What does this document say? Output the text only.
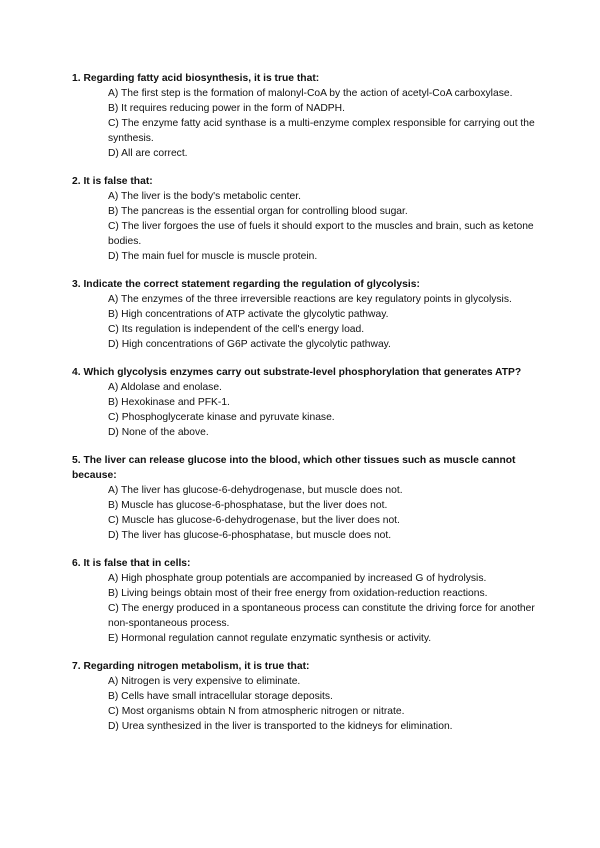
1. Regarding fatty acid biosynthesis, it is true that:
A) The first step is the formation of malonyl-CoA by the action of acetyl-CoA carboxylase.
B) It requires reducing power in the form of NADPH.
C) The enzyme fatty acid synthase is a multi-enzyme complex responsible for carrying out the synthesis.
D) All are correct.
2. It is false that:
A) The liver is the body's metabolic center.
B) The pancreas is the essential organ for controlling blood sugar.
C) The liver forgoes the use of fuels it should export to the muscles and brain, such as ketone bodies.
D) The main fuel for muscle is muscle protein.
3. Indicate the correct statement regarding the regulation of glycolysis:
A) The enzymes of the three irreversible reactions are key regulatory points in glycolysis.
B) High concentrations of ATP activate the glycolytic pathway.
C) Its regulation is independent of the cell's energy load.
D) High concentrations of G6P activate the glycolytic pathway.
4. Which glycolysis enzymes carry out substrate-level phosphorylation that generates ATP?
A) Aldolase and enolase.
B) Hexokinase and PFK-1.
C) Phosphoglycerate kinase and pyruvate kinase.
D) None of the above.
5. The liver can release glucose into the blood, which other tissues such as muscle cannot because:
A) The liver has glucose-6-dehydrogenase, but muscle does not.
B) Muscle has glucose-6-phosphatase, but the liver does not.
C) Muscle has glucose-6-dehydrogenase, but the liver does not.
D) The liver has glucose-6-phosphatase, but muscle does not.
6. It is false that in cells:
A) High phosphate group potentials are accompanied by increased G of hydrolysis.
B) Living beings obtain most of their free energy from oxidation-reduction reactions.
C) The energy produced in a spontaneous process can constitute the driving force for another non-spontaneous process.
E) Hormonal regulation cannot regulate enzymatic synthesis or activity.
7. Regarding nitrogen metabolism, it is true that:
A) Nitrogen is very expensive to eliminate.
B) Cells have small intracellular storage deposits.
C) Most organisms obtain N from atmospheric nitrogen or nitrate.
D) Urea synthesized in the liver is transported to the kidneys for elimination.
